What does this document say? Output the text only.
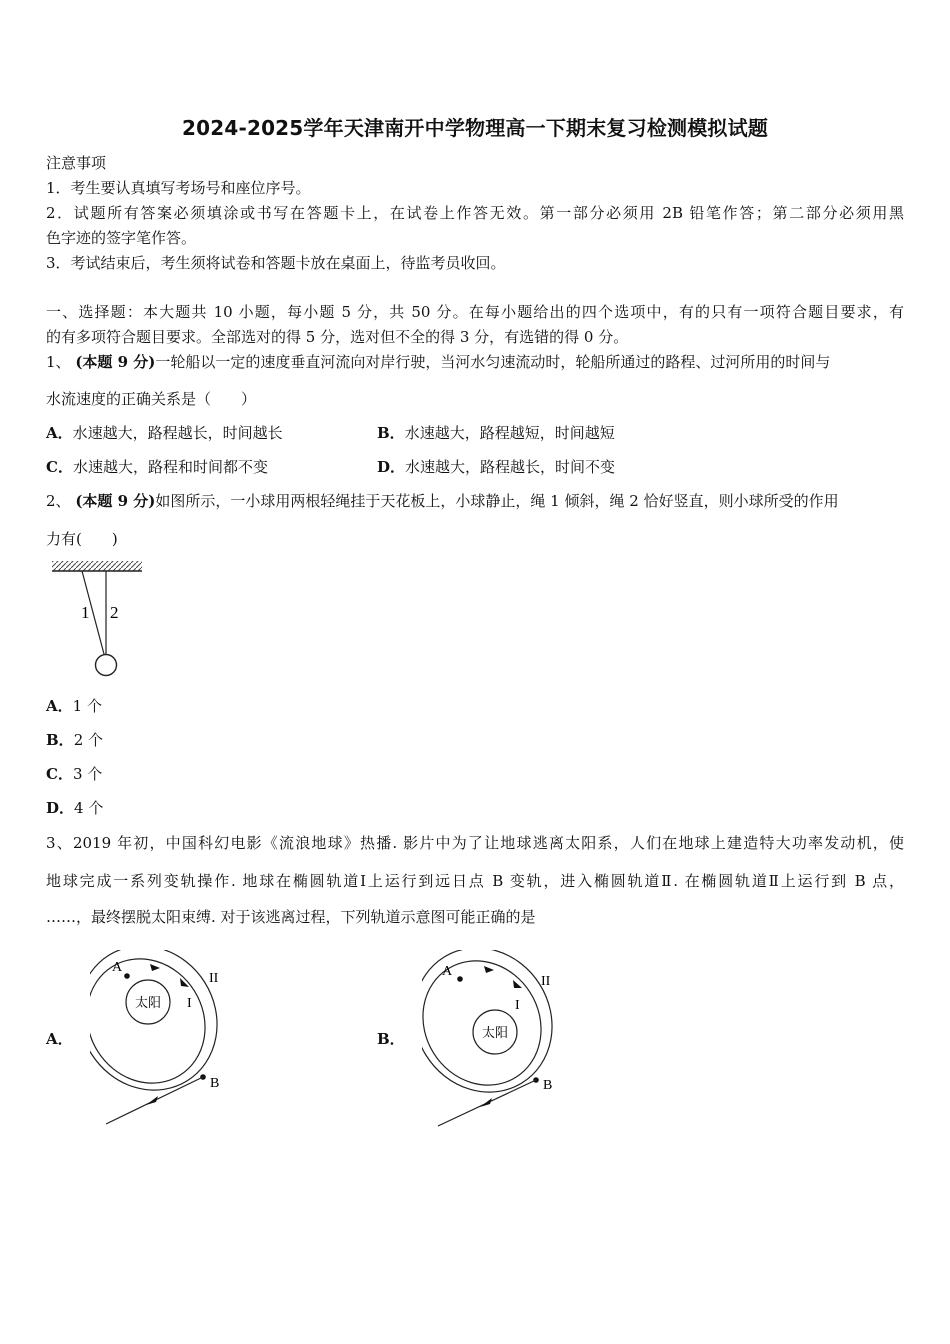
2024-2025学年天津南开中学物理高一下期末复习检测模拟试题
注意事项
1．考生要认真填写考场号和座位序号。
2．试题所有答案必须填涂或书写在答题卡上，在试卷上作答无效。第一部分必须用 2B 铅笔作答；第二部分必须用黑
色字迹的签字笔作答。
3．考试结束后，考生须将试卷和答题卡放在桌面上，待监考员收回。
一、选择题：本大题共 10 小题，每小题 5 分，共 50 分。在每小题给出的四个选项中，有的只有一项符合题目要求，有
的有多项符合题目要求。全部选对的得 5 分，选对但不全的得 3 分，有选错的得 0 分。
1、 (本题 9 分)一轮船以一定的速度垂直河流向对岸行驶，当河水匀速流动时，轮船所通过的路程、过河所用的时间与
水流速度的正确关系是（　　）
A．水速越大，路程越长，时间越长	B．水速越大，路程越短，时间越短
C．水速越大，路程和时间都不变	D．水速越大，路程越长，时间不变
2、 (本题 9 分)如图所示，一小球用两根轻绳挂于天花板上，小球静止，绳 1 倾斜，绳 2 恰好竖直，则小球所受的作用
力有(　　)
1 2
A．1 个
B．2 个
C．3 个
D．4 个
3、2019 年初，中国科幻电影《流浪地球》热播. 影片中为了让地球逃离太阳系，人们在地球上建造特大功率发动机，使
地球完成一系列变轨操作. 地球在椭圆轨道Ⅰ上运行到远日点 B 变轨，进入椭圆轨道Ⅱ. 在椭圆轨道Ⅱ上运行到 B 点，
……，最终摆脱太阳束缚. 对于该逃离过程，下列轨道示意图可能正确的是
A．	B．
太阳
A
B
I
II
太阳
A
B
I
II
